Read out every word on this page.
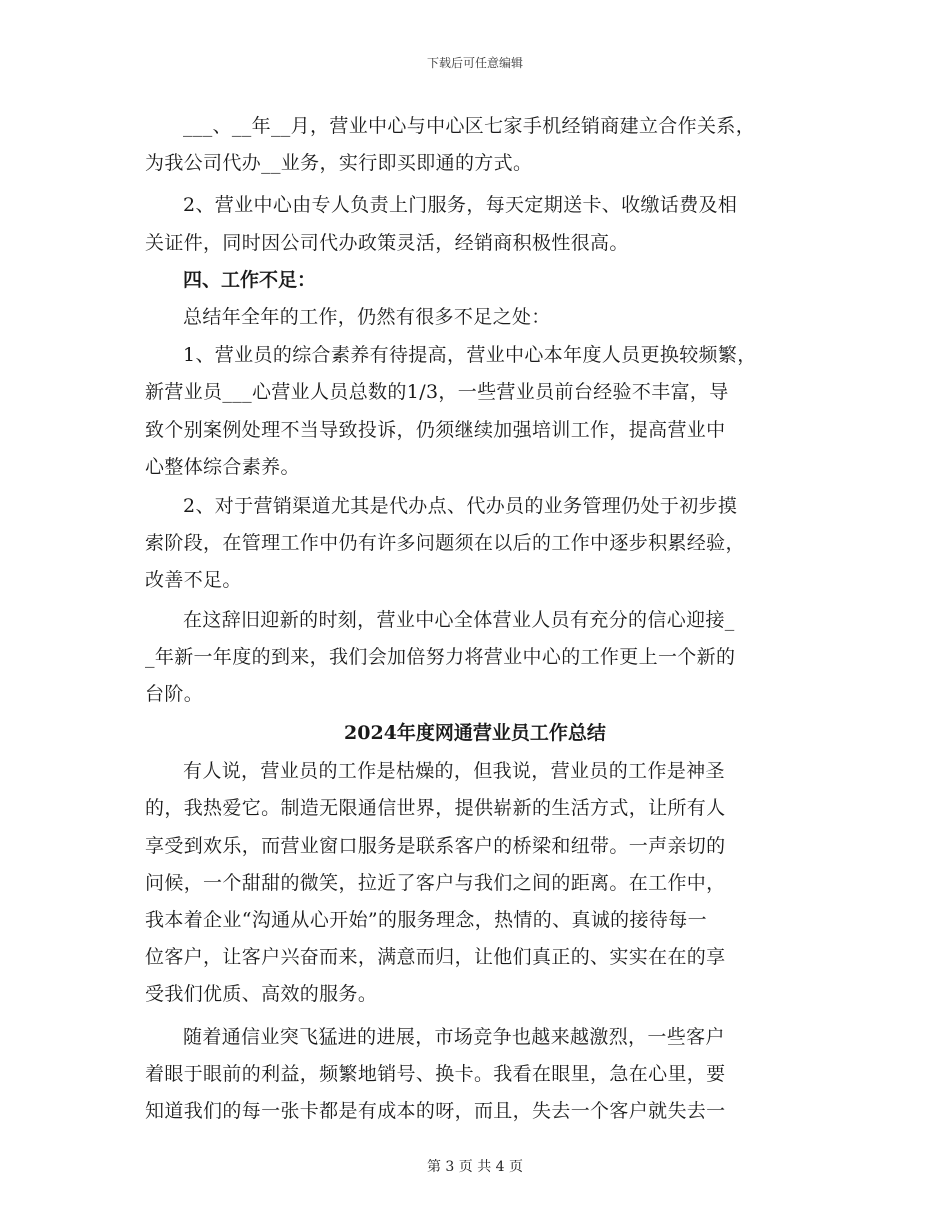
下载后可任意编辑
___、__年__月，营业中心与中心区七家手机经销商建立合作关系，
为我公司代办__业务，实行即买即通的方式。
2、营业中心由专人负责上门服务，每天定期送卡、收缴话费及相
关证件，同时因公司代办政策灵活，经销商积极性很高。

四、工作不足：

总结年全年的工作，仍然有很多不足之处：
1、营业员的综合素养有待提高，营业中心本年度人员更换较频繁，
新营业员___心营业人员总数的1/3，一些营业员前台经验不丰富，导
致个别案例处理不当导致投诉，仍须继续加强培训工作，提高营业中
心整体综合素养。
2、对于营销渠道尤其是代办点、代办员的业务管理仍处于初步摸
索阶段，在管理工作中仍有许多问题须在以后的工作中逐步积累经验，
改善不足。
在这辞旧迎新的时刻，营业中心全体营业人员有充分的信心迎接_
_年新一年度的到来，我们会加倍努力将营业中心的工作更上一个新的
台阶。

2024年度网通营业员工作总结

有人说，营业员的工作是枯燥的，但我说，营业员的工作是神圣
的，我热爱它。制造无限通信世界，提供崭新的生活方式，让所有人
享受到欢乐，而营业窗口服务是联系客户的桥梁和纽带。一声亲切的
问候，一个甜甜的微笑，拉近了客户与我们之间的距离。在工作中，
我本着企业“沟通从心开始”的服务理念，热情的、真诚的接待每一
位客户，让客户兴奋而来，满意而归，让他们真正的、实实在在的享
受我们优质、高效的服务。
随着通信业突飞猛进的进展，市场竞争也越来越激烈，一些客户
着眼于眼前的利益，频繁地销号、换卡。我看在眼里，急在心里，要
知道我们的每一张卡都是有成本的呀，而且，失去一个客户就失去一
第 3 页 共 4 页
